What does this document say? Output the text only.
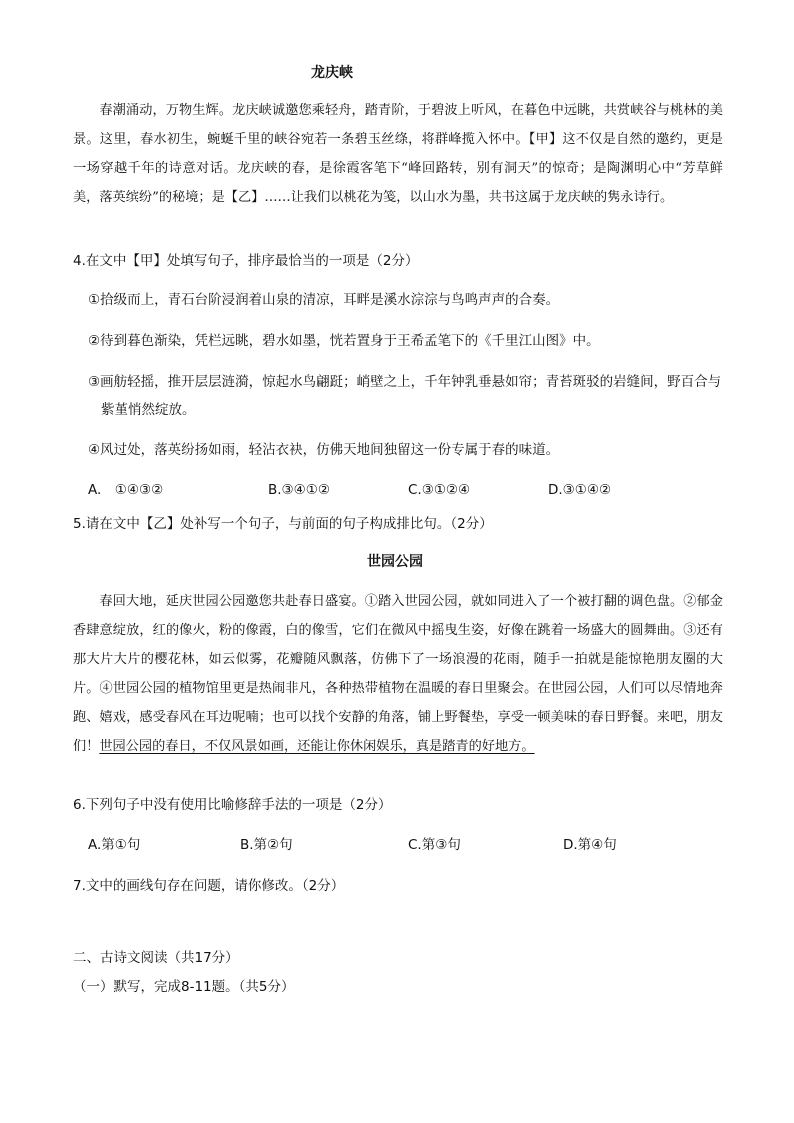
龙庆峡

春潮涌动，万物生辉。龙庆峡诚邀您乘轻舟，踏青阶，于碧波上听风，在暮色中远眺，共赏峡谷与桃林的美景。这里，春水初生，蜿蜒千里的峡谷宛若一条碧玉丝绦，将群峰揽入怀中。【甲】这不仅是自然的邀约，更是一场穿越千年的诗意对话。龙庆峡的春，是徐霞客笔下“峰回路转，别有洞天”的惊奇；是陶渊明心中“芳草鲜美，落英缤纷”的秘境；是【乙】……让我们以桃花为笺，以山水为墨，共书这属于龙庆峡的隽永诗行。

4.在文中【甲】处填写句子，排序最恰当的一项是（2分）

①拾级而上，青石台阶浸润着山泉的清凉，耳畔是溪水淙淙与鸟鸣声声的合奏。

②待到暮色渐染，凭栏远眺，碧水如墨，恍若置身于王希孟笔下的《千里江山图》中。

③画舫轻摇，推开层层涟漪，惊起水鸟翩跹；峭壁之上，千年钟乳垂悬如帘；青苔斑驳的岩缝间，野百合与紫堇悄然绽放。

④风过处，落英纷扬如雨，轻沾衣袂，仿佛天地间独留这一份专属于春的味道。

A.　①④③②	B.③④①②	C.③①②④	D.③①④②
5.请在文中【乙】处补写一个句子，与前面的句子构成排比句。（2分）
世园公园

春回大地，延庆世园公园邀您共赴春日盛宴。①踏入世园公园，就如同进入了一个被打翻的调色盘。②郁金香肆意绽放，红的像火，粉的像霞，白的像雪，它们在微风中摇曳生姿，好像在跳着一场盛大的圆舞曲。③还有那大片大片的樱花林，如云似雾，花瓣随风飘落，仿佛下了一场浪漫的花雨，随手一拍就是能惊艳朋友圈的大片。④世园公园的植物馆里更是热闹非凡，各种热带植物在温暖的春日里聚会。在世园公园，人们可以尽情地奔跑、嬉戏，感受春风在耳边呢喃；也可以找个安静的角落，铺上野餐垫，享受一顿美味的春日野餐。来吧，朋友们！世园公园的春日，不仅风景如画，还能让你休闲娱乐，真是踏青的好地方。

6.下列句子中没有使用比喻修辞手法的一项是（2分）
A.第①句	B.第②句	C.第③句	D.第④句
7.文中的画线句存在问题，请你修改。（2分）
二、古诗文阅读（共17分）
（一）默写，完成8-11题。（共5分）
